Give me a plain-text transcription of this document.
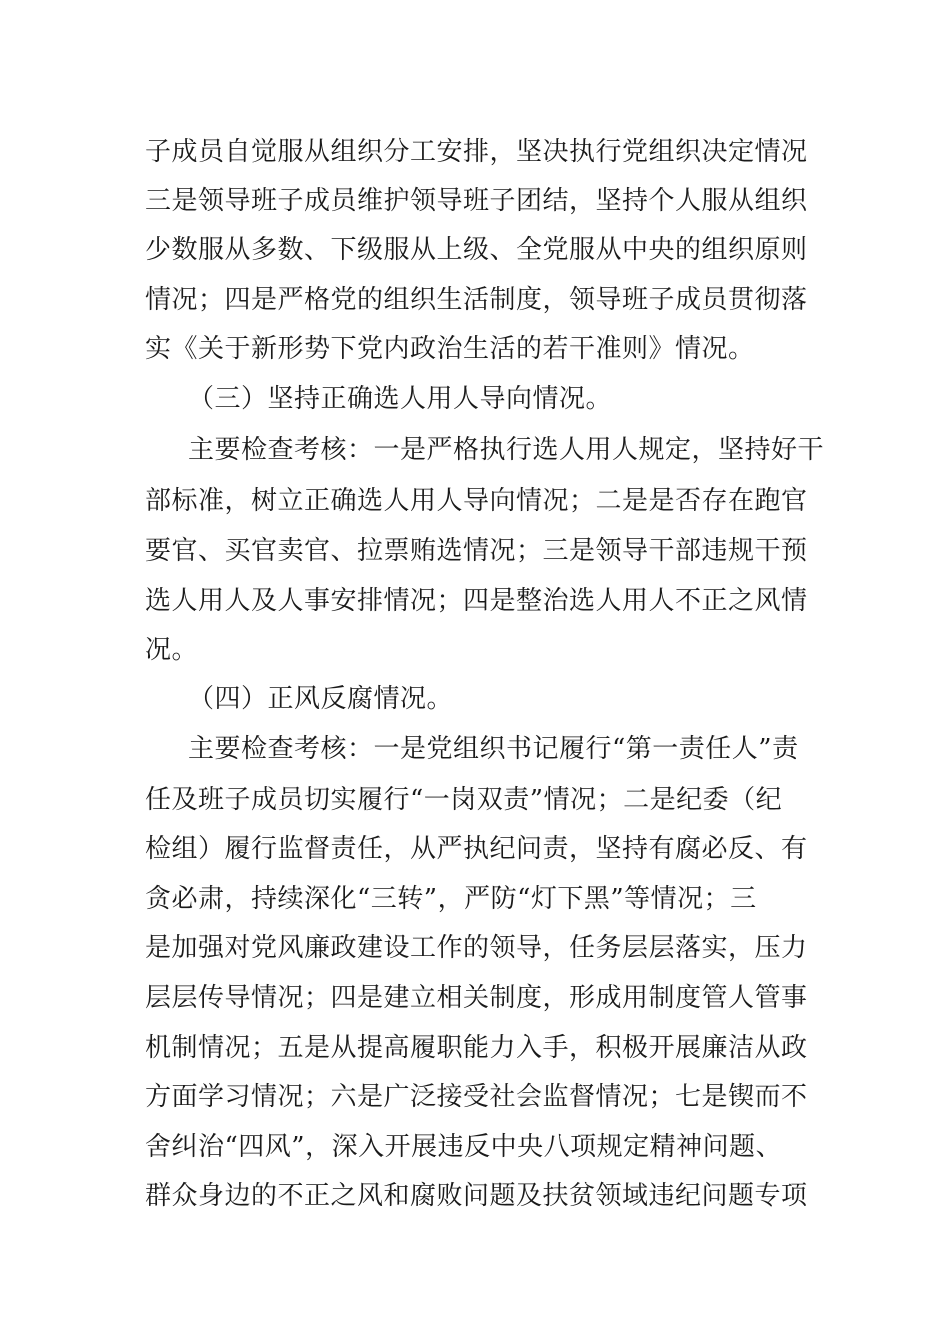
子成员自觉服从组织分工安排，坚决执行党组织决定情况
三是领导班子成员维护领导班子团结，坚持个人服从组织
少数服从多数、下级服从上级、全党服从中央的组织原则
情况；四是严格党的组织生活制度，领导班子成员贯彻落
实《关于新形势下党内政治生活的若干准则》情况。
（三）坚持正确选人用人导向情况。
主要检查考核：一是严格执行选人用人规定，坚持好干
部标准，树立正确选人用人导向情况；二是是否存在跑官
要官、买官卖官、拉票贿选情况；三是领导干部违规干预
选人用人及人事安排情况；四是整治选人用人不正之风情
况。
（四）正风反腐情况。
主要检查考核：一是党组织书记履行“第一责任人”责
任及班子成员切实履行“一岗双责”情况；二是纪委（纪
检组）履行监督责任，从严执纪问责，坚持有腐必反、有
贪必肃，持续深化“三转”，严防“灯下黑”等情况；三
是加强对党风廉政建设工作的领导，任务层层落实，压力
层层传导情况；四是建立相关制度，形成用制度管人管事
机制情况；五是从提高履职能力入手，积极开展廉洁从政
方面学习情况；六是广泛接受社会监督情况；七是锲而不
舍纠治“四风”，深入开展违反中央八项规定精神问题、
群众身边的不正之风和腐败问题及扶贫领域违纪问题专项
